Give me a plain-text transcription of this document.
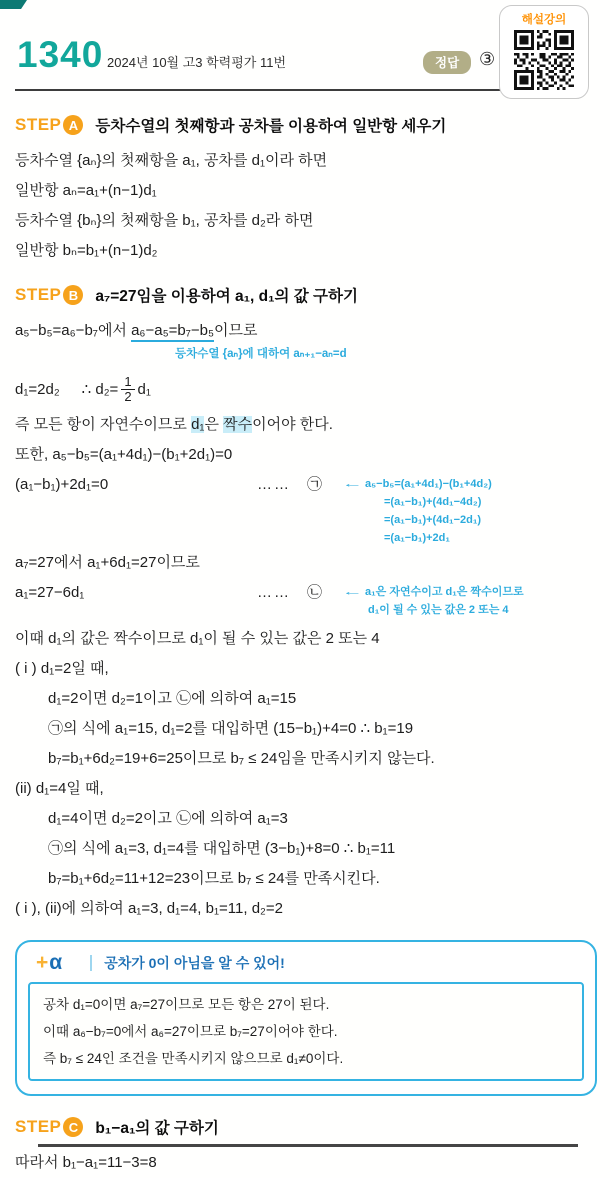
1340 2024년 10월 고3 학력평가 11번	정답	③
해설강의
STEP A	등차수열의 첫째항과 공차를 이용하여 일반항 세우기
등차수열 {aₙ}의 첫째항을 a₁, 공차를 d₁이라 하면
일반항 aₙ=a₁+(n−1)d₁
등차수열 {bₙ}의 첫째항을 b₁, 공차를 d₂라 하면
일반항 bₙ=b₁+(n−1)d₂
STEP B	a₇=27임을 이용하여 a₁, d₁의 값 구하기
a₅−b₅=a₆−b₇에서 a₆−a₅=b₇−b₅이므로
등차수열 {aₙ}에 대하여 aₙ₊₁−aₙ=d
d₁=2d₂ ∴ $d_2= \frac{1}{2} d_1$
즉 모든 항이 자연수이므로 d₁은 짝수이어야 한다.
또한, a₅−b₅=(a₁+4d₁)−(b₁+2d₁)=0
(a₁−b₁)+2d₁=0	…… ㉠ ← a₅−b₅=(a₁+4d₁)−(b₁+4d₂)
=(a₁−b₁)+(4d₁−4d₂)
=(a₁−b₁)+(4d₁−2d₁)
=(a₁−b₁)+2d₁
a₇=27에서 a₁+6d₁=27이므로
a₁=27−6d₁	…… ㉡ ← a₁은 자연수이고 d₁은 짝수이므로
d₁이 될 수 있는 값은 2 또는 4
이때 d₁의 값은 짝수이므로 d₁이 될 수 있는 값은 2 또는 4
( i ) d₁=2일 때,
d₁=2이면 d₂=1이고 ㉡에 의하여 a₁=15
㉠의 식에 a₁=15, d₁=2를 대입하면 (15−b₁)+4=0 ∴ b₁=19
b₇=b₁+6d₂=19+6=25이므로 b₇ ≤ 24임을 만족시키지 않는다.
(ii) d₁=4일 때,
d₁=4이면 d₂=2이고 ㉡에 의하여 a₁=3
㉠의 식에 a₁=3, d₁=4를 대입하면 (3−b₁)+8=0 ∴ b₁=11
b₇=b₁+6d₂=11+12=23이므로 b₇ ≤ 24를 만족시킨다.
( i ), (ii)에 의하여 a₁=3, d₁=4, b₁=11, d₂=2
+ α	공차가 0이 아님을 알 수 있어!
공차 d₁=0이면 a₇=27이므로 모든 항은 27이 된다.
이때 a₆−b₇=0에서 a₆=27이므로 b₇=27이어야 한다.
즉 b₇ ≤ 24인 조건을 만족시키지 않으므로 d₁≠0이다.
STEP C	b₁−a₁의 값 구하기
따라서 b₁−a₁=11−3=8
